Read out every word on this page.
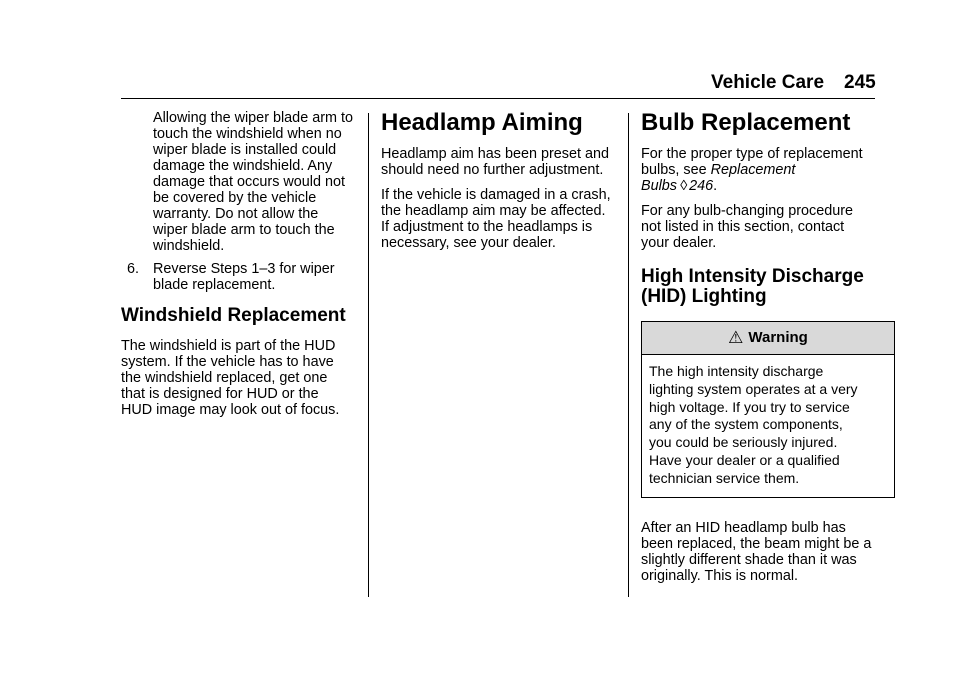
Vehicle Care 245
Allowing the wiper blade arm to
touch the windshield when no
wiper blade is installed could
damage the windshield. Any
damage that occurs would not
be covered by the vehicle
warranty. Do not allow the
wiper blade arm to touch the
windshield.
6. Reverse Steps 1–3 for wiper
blade replacement.
Windshield Replacement
The windshield is part of the HUD
system. If the vehicle has to have
the windshield replaced, get one
that is designed for HUD or the
HUD image may look out of focus.
Headlamp Aiming
Headlamp aim has been preset and
should need no further adjustment.
If the vehicle is damaged in a crash,
the headlamp aim may be affected.
If adjustment to the headlamps is
necessary, see your dealer.
Bulb Replacement
For the proper type of replacement
bulbs, see Replacement
Bulbs ◊ 246.
For any bulb-changing procedure
not listed in this section, contact
your dealer.
High Intensity Discharge
(HID) Lighting
⚠ Warning
The high intensity discharge
lighting system operates at a very
high voltage. If you try to service
any of the system components,
you could be seriously injured.
Have your dealer or a qualified
technician service them.
After an HID headlamp bulb has
been replaced, the beam might be a
slightly different shade than it was
originally. This is normal.
